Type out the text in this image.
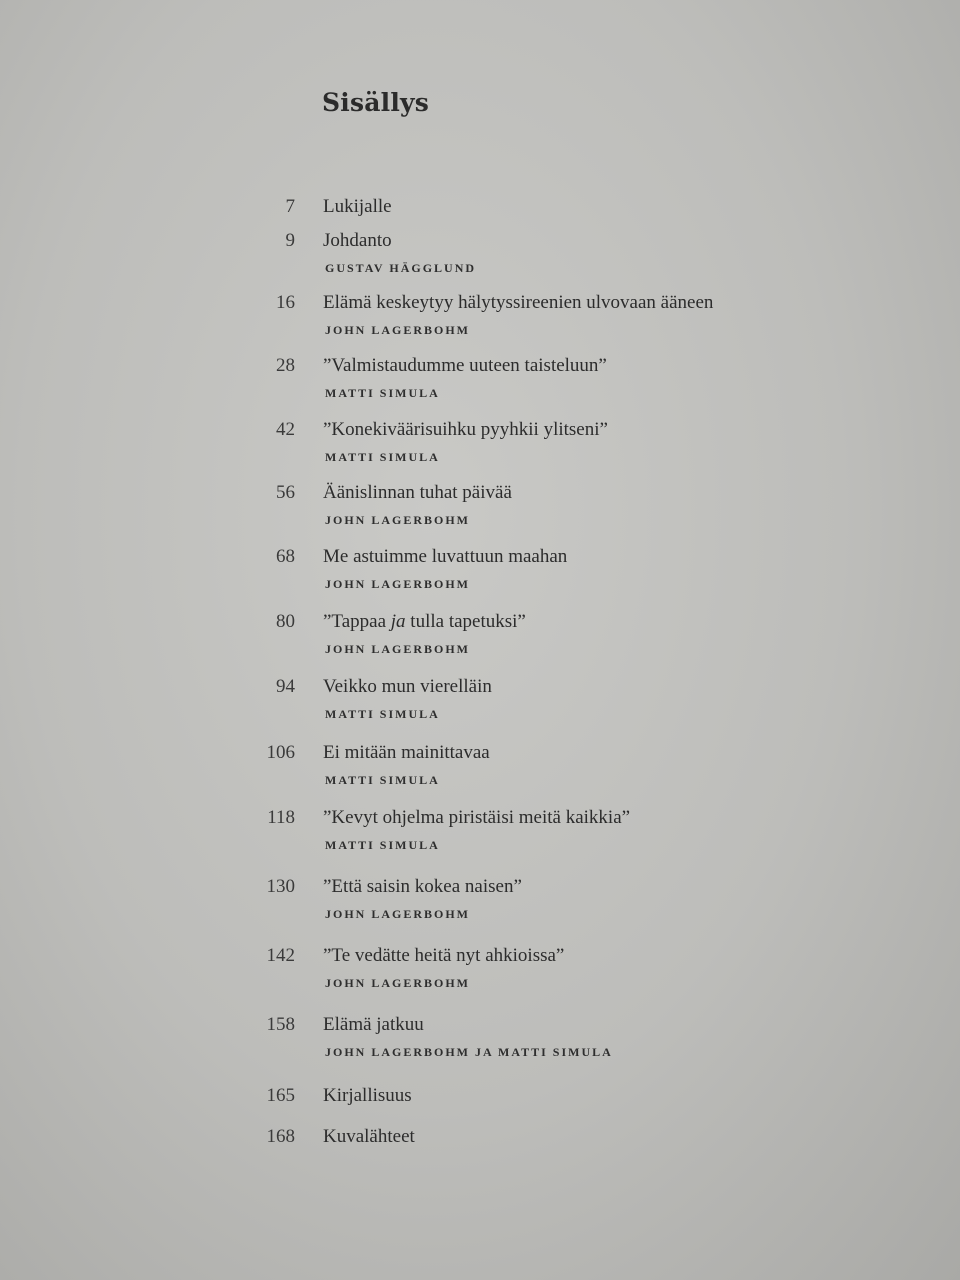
Sisällys
7 Lukijalle
9 Johdanto
GUSTAV HÄGGLUND
16 Elämä keskeytyy hälytyssireenien ulvovaan ääneen
JOHN LAGERBOHM
28 ”Valmistaudumme uuteen taisteluun”
MATTI SIMULA
42 ”Konekiväärisuihku pyyhkii ylitseni”
MATTI SIMULA
56 Äänislinnan tuhat päivää
JOHN LAGERBOHM
68 Me astuimme luvattuun maahan
JOHN LAGERBOHM
80 ”Tappaa ja tulla tapetuksi”
JOHN LAGERBOHM
94 Veikko mun vierelläin
MATTI SIMULA
106 Ei mitään mainittavaa
MATTI SIMULA
118 ”Kevyt ohjelma piristäisi meitä kaikkia”
MATTI SIMULA
130 ”Että saisin kokea naisen”
JOHN LAGERBOHM
142 ”Te vedätte heitä nyt ahkioissa”
JOHN LAGERBOHM
158 Elämä jatkuu
JOHN LAGERBOHM JA MATTI SIMULA
165 Kirjallisuus
168 Kuvalähteet
